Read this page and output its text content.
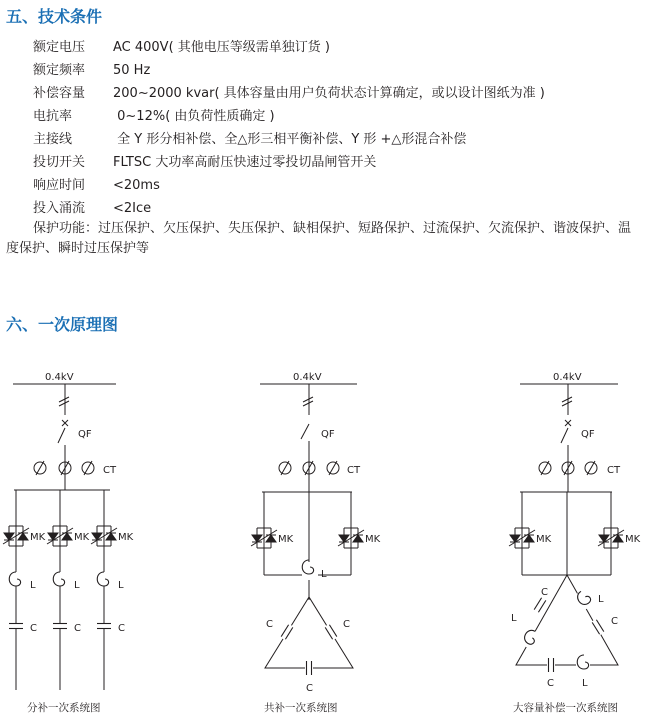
五、技术条件
额定电压 AC 400V( 其他电压等级需单独订货 )
额定频率 50 Hz
补偿容量 200~2000 kvar( 具体容量由用户负荷状态计算确定，或以设计图纸为准 )
电抗率	0~12%( 由负荷性质确定 )
主接线	全 Y 形分相补偿、全△形三相平衡补偿、Y 形 +△形混合补偿
投切开关 FLTSC 大功率高耐压快速过零投切晶闸管开关
响应时间 <20ms
投入涌流 <2Ice

保护功能：过压保护、欠压保护、失压保护、缺相保护、短路保护、过流保护、欠流保护、谐波保护、温度保护、瞬时过压保护等

六、一次原理图
0.4kV
QF
CT
MK	MK	MK
L	L	L
C	C	C
分补一次系统图
0.4kV
QF
CT
MK	MK
L
C	C
C
共补一次系统图
0.4kV
QF
CT
MK	MK
C
L
L	C
C	L
大容量补偿一次系统图
